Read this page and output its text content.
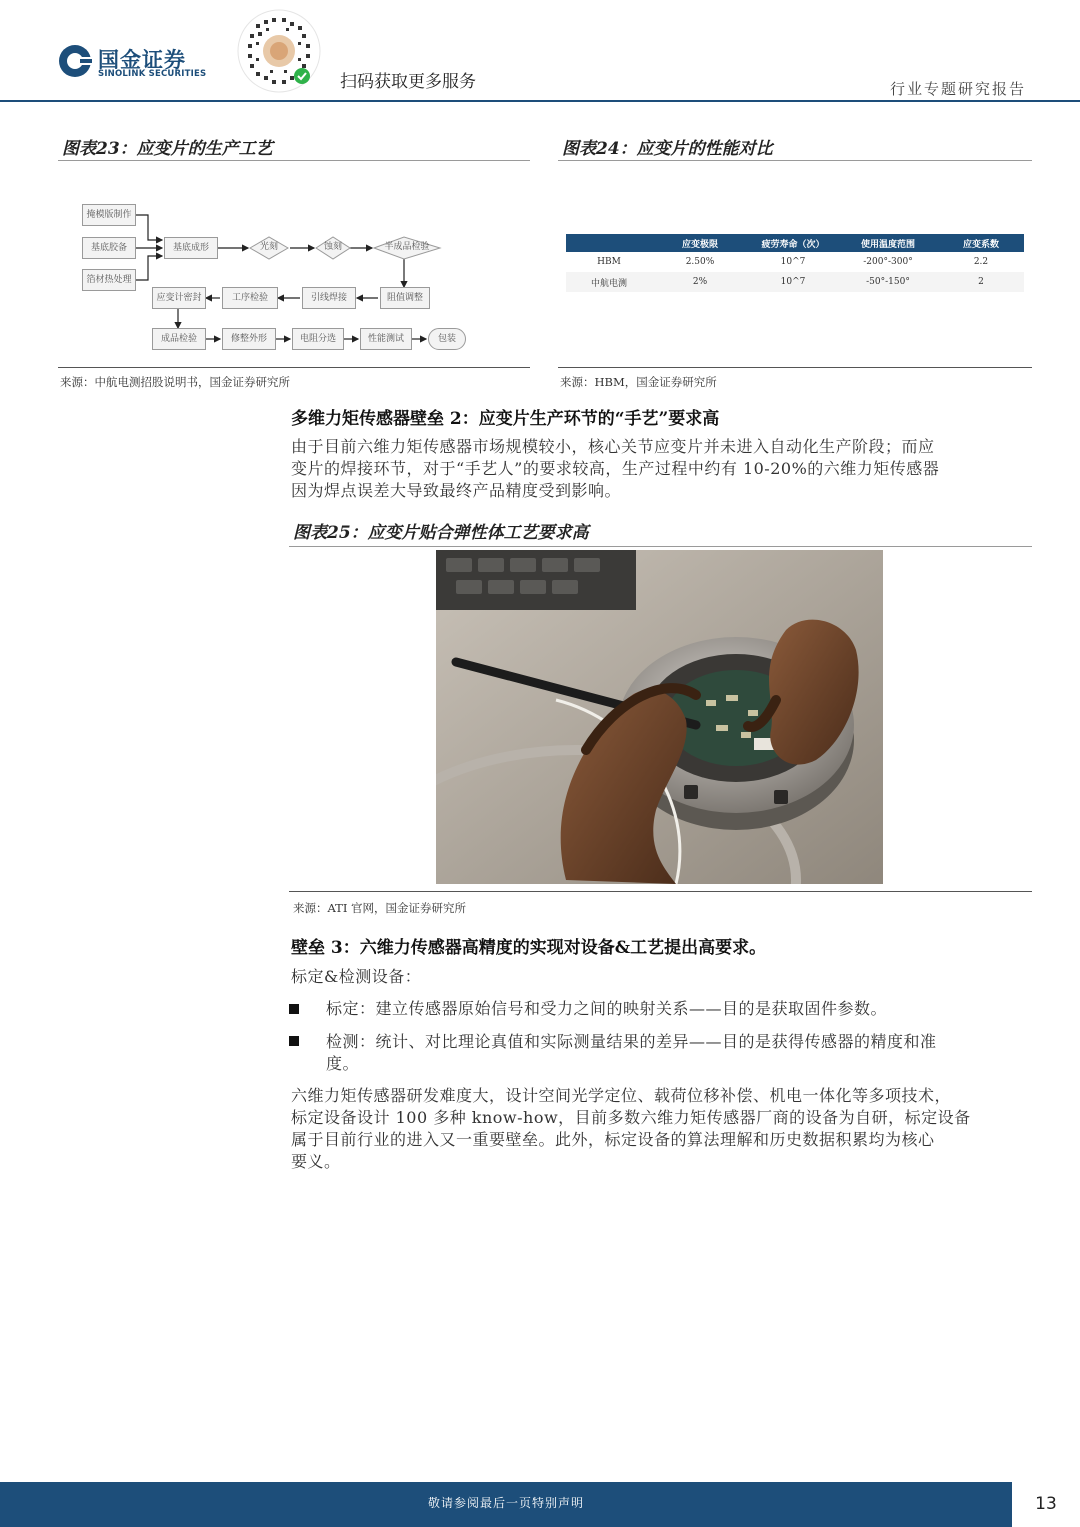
国金证券
SINOLINK SECURITIES	扫码获取更多服务	行业专题研究报告
图表23：应变片的生产工艺
掩模版制作
基底胶备
箔材热处理
基底成形	光刻	蚀刻	半成品检验
阻值调整
引线焊接
工序检验
应变计密封
成品检验	修整外形	电阻分选	性能测试	包装
来源：中航电测招股说明书，国金证券研究所
图表24：应变片的性能对比
	应变极限	疲劳寿命（次）	使用温度范围	应变系数
HBM	2.50%	10^7	-200°-300°	2.2
中航电测	2%	10^7	-50°-150°	2
来源：HBM，国金证券研究所
多维力矩传感器壁垒 2：应变片生产环节的“手艺”要求高
由于目前六维力矩传感器市场规模较小，核心关节应变片并未进入自动化生产阶段；而应
变片的焊接环节，对于“手艺人”的要求较高，生产过程中约有 10-20%的六维力矩传感器
因为焊点误差大导致最终产品精度受到影响。
图表25：应变片贴合弹性体工艺要求高
来源：ATI 官网，国金证券研究所
壁垒 3：六维力传感器高精度的实现对设备&工艺提出高要求。
标定&检测设备：
标定：建立传感器原始信号和受力之间的映射关系——目的是获取固件参数。
检测：统计、对比理论真值和实际测量结果的差异——目的是获得传感器的精度和准
度。
六维力矩传感器研发难度大，设计空间光学定位、载荷位移补偿、机电一体化等多项技术，
标定设备设计 100 多种 know-how，目前多数六维力矩传感器厂商的设备为自研，标定设备
属于目前行业的进入又一重要壁垒。此外，标定设备的算法理解和历史数据积累均为核心
要义。
敬请参阅最后一页特别声明	13
